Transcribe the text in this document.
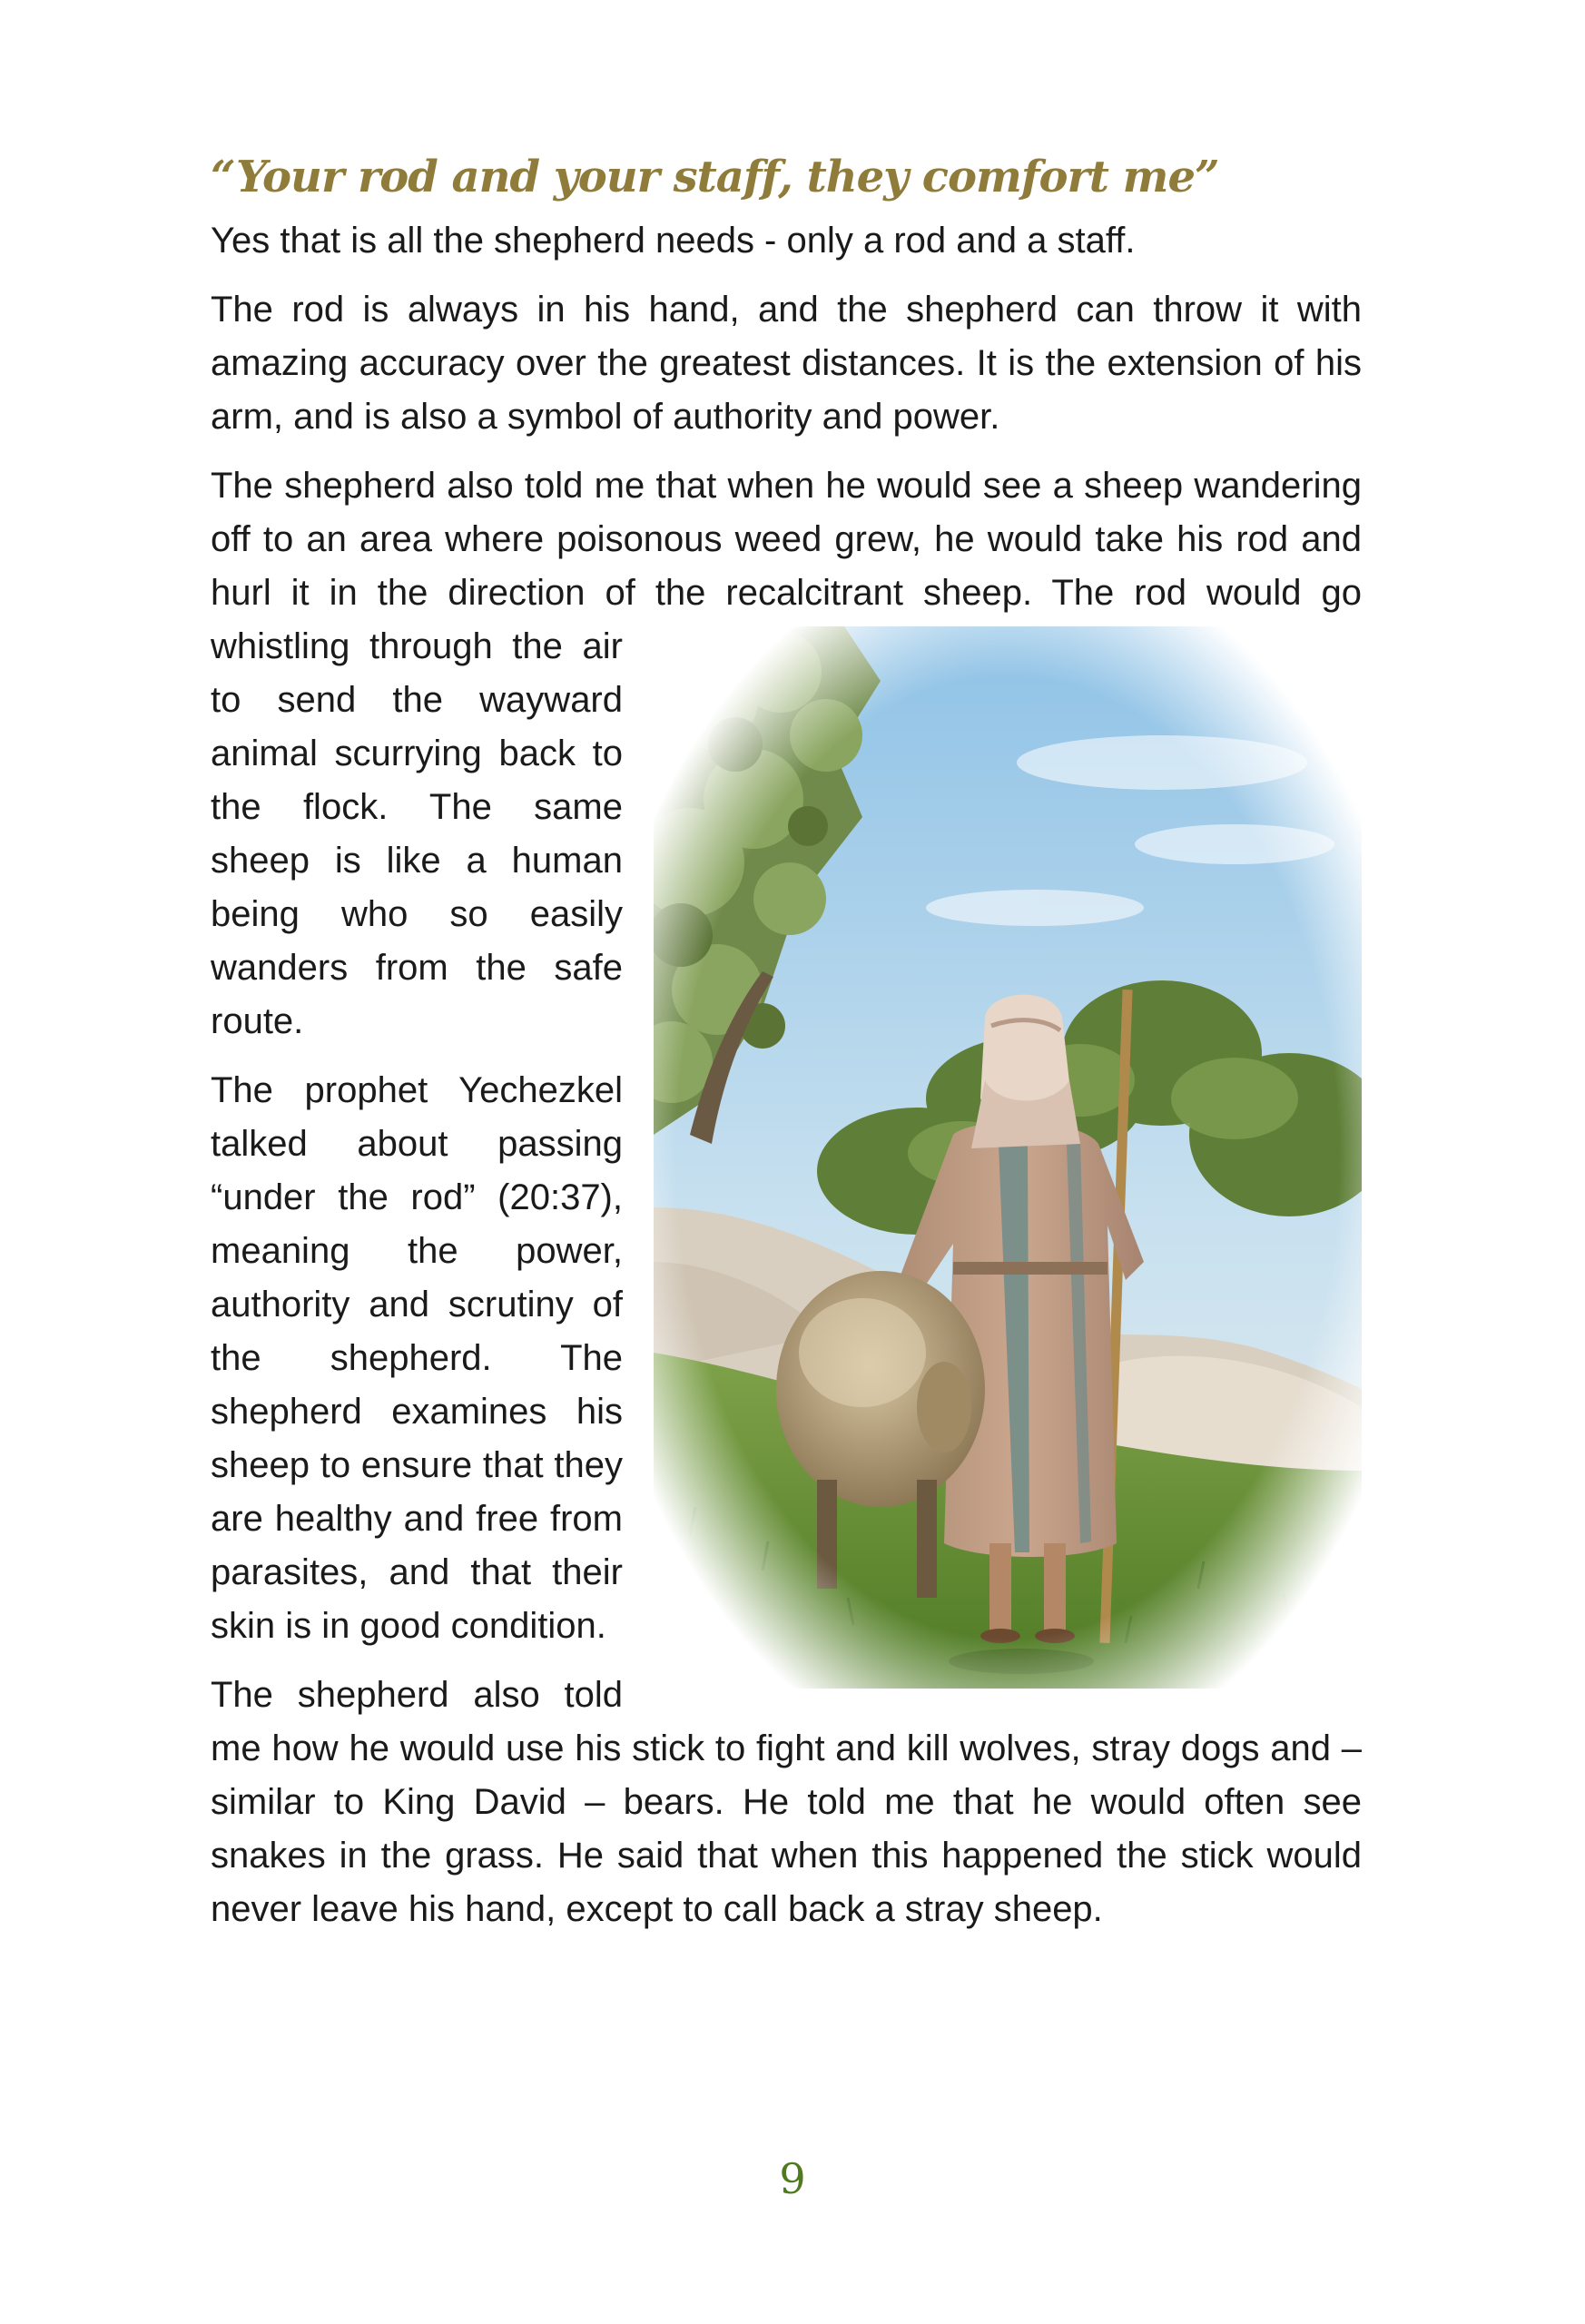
“Your rod and your staff, they comfort me”

Yes that is all the shepherd needs - only a rod and a staff.

The rod is always in his hand, and the shepherd can throw it with amazing accuracy over the greatest distances. It is the extension of his arm, and is also a symbol of authority and power.

The shepherd also told me that when he would see a sheep wandering off to an area where poisonous weed grew, he would take his rod and hurl it in the direction of the recalcitrant sheep. The rod would
go whistling through the air to send the wayward animal scurrying back to the flock. The same sheep is like a human being who so easily wanders from the safe route.

The prophet Yechezkel talked about passing “under the rod” (20:37), meaning the power, authority and scrutiny of the shepherd. The shepherd examines his sheep to ensure that they are healthy and free from parasites, and that their skin is in good condition.

The shepherd also told me how he would use his stick to fight and kill wolves, stray dogs and – similar to King David – bears. He told me that he would often see snakes in the grass. He said that when this happened the stick would never leave his hand, except to call back a stray sheep.

9
